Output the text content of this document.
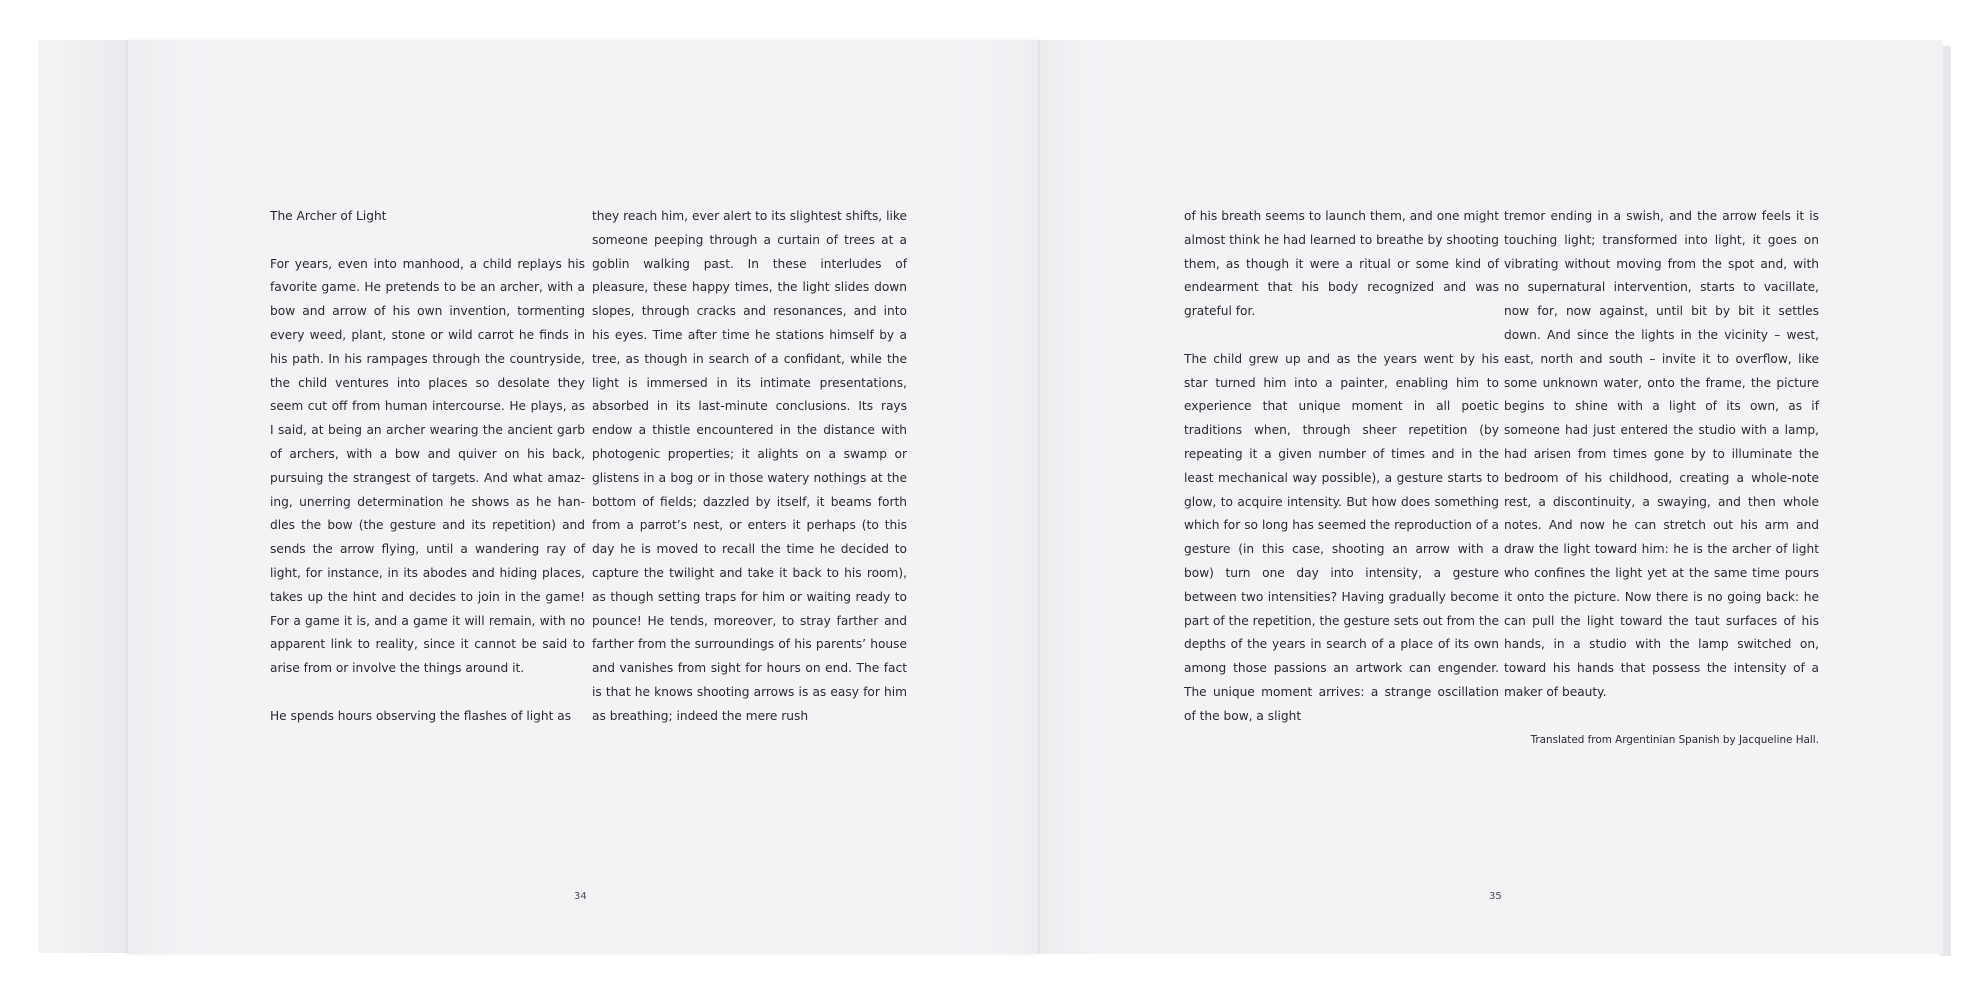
The Archer of Light

For years, even into manhood, a child replays his favorite game. He pretends to be an archer, with a bow and arrow of his own invention, tormenting every weed, plant, stone or wild carrot he finds in his path. In his rampages through the countryside, the child ventures into places so desolate they seem cut off from human intercourse. He plays, as I said, at being an archer wearing the ancient garb of archers, with a bow and quiver on his back, pursuing the strangest of targets. And what amazing, unerring determination he shows as he handles the bow (the gesture and its repetition) and sends the arrow flying, until a wandering ray of light, for instance, in its abodes and hiding places, takes up the hint and decides to join in the game! For a game it is, and a game it will remain, with no apparent link to reality, since it cannot be said to arise from or involve the things around it.

He spends hours observing the flashes of light as

they reach him, ever alert to its slightest shifts, like someone peeping through a curtain of trees at a goblin walking past. In these interludes of pleasure, these happy times, the light slides down slopes, through cracks and resonances, and into his eyes. Time after time he stations himself by a tree, as though in search of a confidant, while the light is immersed in its intimate presentations, absorbed in its last-minute conclusions. Its rays endow a thistle encountered in the distance with photogenic properties; it alights on a swamp or glistens in a bog or in those watery nothings at the bottom of fields; dazzled by itself, it beams forth from a parrot’s nest, or enters it perhaps (to this day he is moved to recall the time he decided to capture the twilight and take it back to his room), as though setting traps for him or waiting ready to pounce! He tends, moreover, to stray farther and farther from the surroundings of his parents’ house and vanishes from sight for hours on end. The fact is that he knows shooting arrows is as easy for him as breathing; indeed the mere rush

of his breath seems to launch them, and one might almost think he had learned to breathe by shooting them, as though it were a ritual or some kind of endearment that his body recognized and was grateful for.

The child grew up and as the years went by his star turned him into a painter, enabling him to experience that unique moment in all poetic traditions when, through sheer repetition (by repeating it a given number of times and in the least mechanical way possible), a gesture starts to glow, to acquire intensity. But how does something which for so long has seemed the reproduction of a gesture (in this case, shooting an arrow with a bow) turn one day into intensity, a gesture between two intensities? Having gradually become part of the repetition, the gesture sets out from the depths of the years in search of a place of its own among those passions an artwork can engender. The unique moment arrives: a strange oscillation of the bow, a slight

tremor ending in a swish, and the arrow feels it is touching light; transformed into light, it goes on vibrating without moving from the spot and, with no supernatural intervention, starts to vacillate, now for, now against, until bit by bit it settles down. And since the lights in the vicinity – west, east, north and south – invite it to overflow, like some unknown water, onto the frame, the picture begins to shine with a light of its own, as if someone had just entered the studio with a lamp, had arisen from times gone by to illuminate the bedroom of his childhood, creating a whole-note rest, a discontinuity, a swaying, and then whole notes. And now he can stretch out his arm and draw the light toward him: he is the archer of light who confines the light yet at the same time pours it onto the picture. Now there is no going back: he can pull the light toward the taut surfaces of his hands, in a studio with the lamp switched on, toward his hands that possess the intensity of a maker of beauty.

Translated from Argentinian Spanish by Jacqueline Hall.

34	35
